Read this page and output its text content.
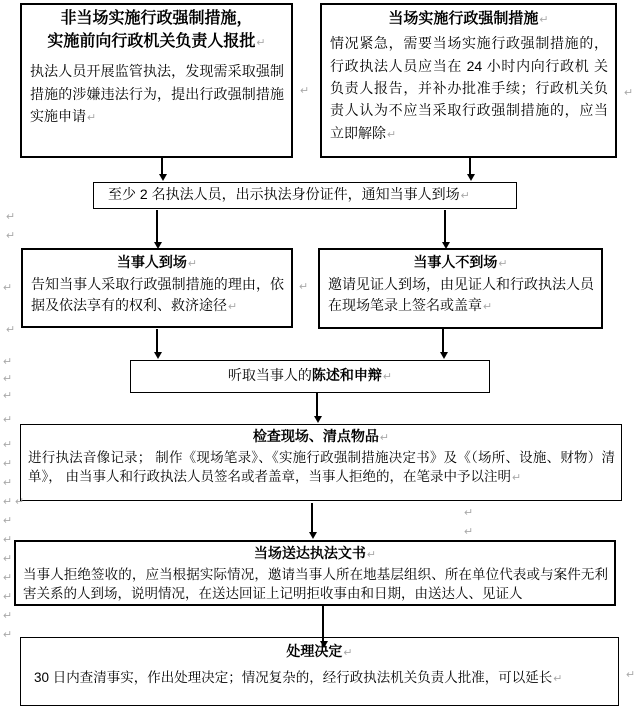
非当场实施行政强制措施，
实施前向行政机关负责人报批↵
执法人员开展监管执法，发现需采取强制措施的涉嫌违法行为，提出行政强制措施实施申请↵
当场实施行政强制措施↵
情况紧急，需要当场实施行政强制措施的，行政执法人员应当在 24 小时内向行政机 关负责人报告，并补办批准手续；行政机关负责人认为不应当采取行政强制措施的，应当立即解除↵
至少 2 名执法人员，出示执法身份证件，通知当事人到场↵
当事人到场↵
告知当事人采取行政强制措施的理由，依据及依法享有的权利、救济途径↵
当事人不到场↵
邀请见证人到场，由见证人和行政执法人员在现场笔录上签名或盖章↵
听取当事人的陈述和申辩↵
检查现场、清点物品↵
进行执法音像记录； 制作《现场笔录》、《实施行政强制措施决定书》及《（场所、设施、财物）清单》， 由当事人和行政执法人员签名或者盖章，当事人拒绝的，在笔录中予以注明↵
当场送达执法文书↵
当事人拒绝签收的，应当根据实际情况，邀请当事人所在地基层组织、所在单位代表或与案件无利害关系的人到场，说明情况，在送达回证上记明拒收事由和日期，由送达人、见证人
处理决定↵
30 日内查清事实，作出处理决定；情况复杂的，经行政执法机关负责人批准，可以延长↵
↵
↵
↵
↵
↵
↵
↵
↵
↵
↵
↵
↵ ↵
↵
↵
↵
↵
↵
↵
↵
↵	↵
↵
↵
↵
↵
